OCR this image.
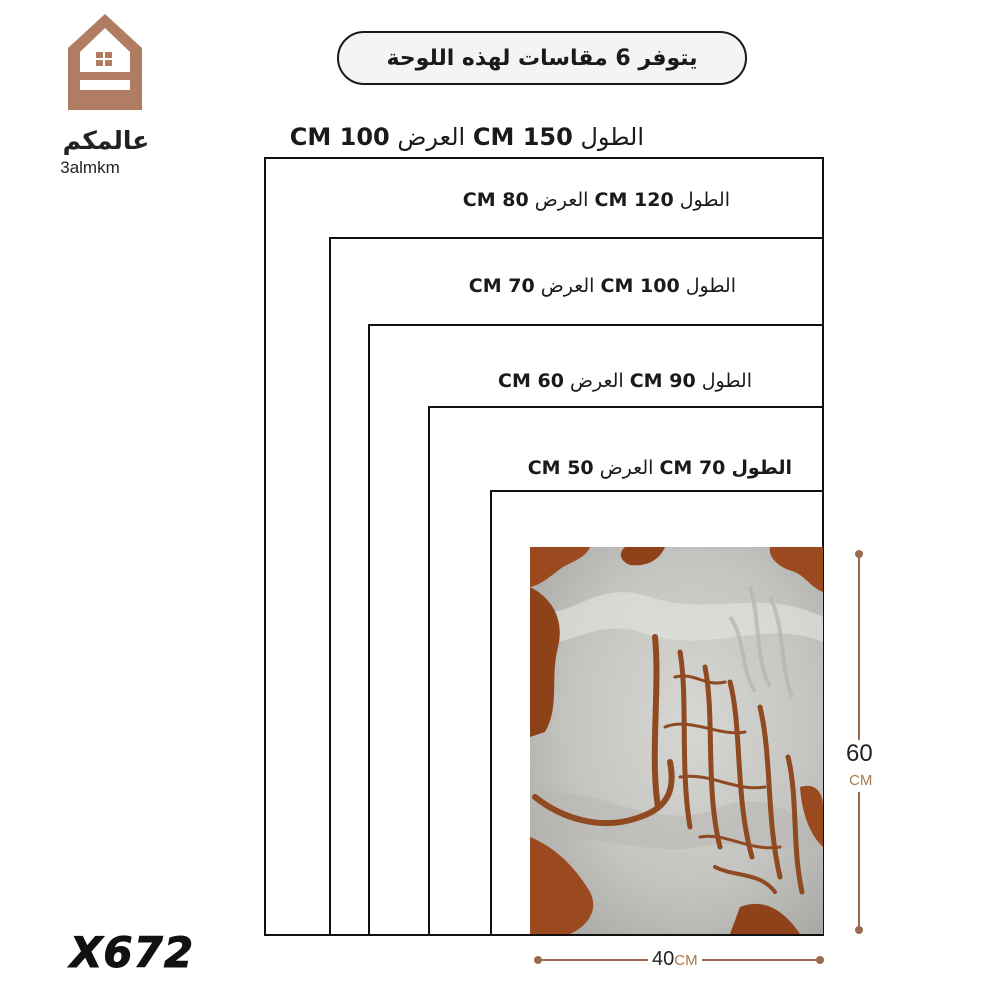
عالمكم
3almkm
يتوفر 6 مقاسات لهذه اللوحة
الطول 150 CM العرض 100 CM
الطول 120 CM العرض 80 CM
الطول 100 CM العرض 70 CM
الطول 90 CM العرض 60 CM
الطول 70 CM العرض 50 CM
60
CM
40CM
X672
